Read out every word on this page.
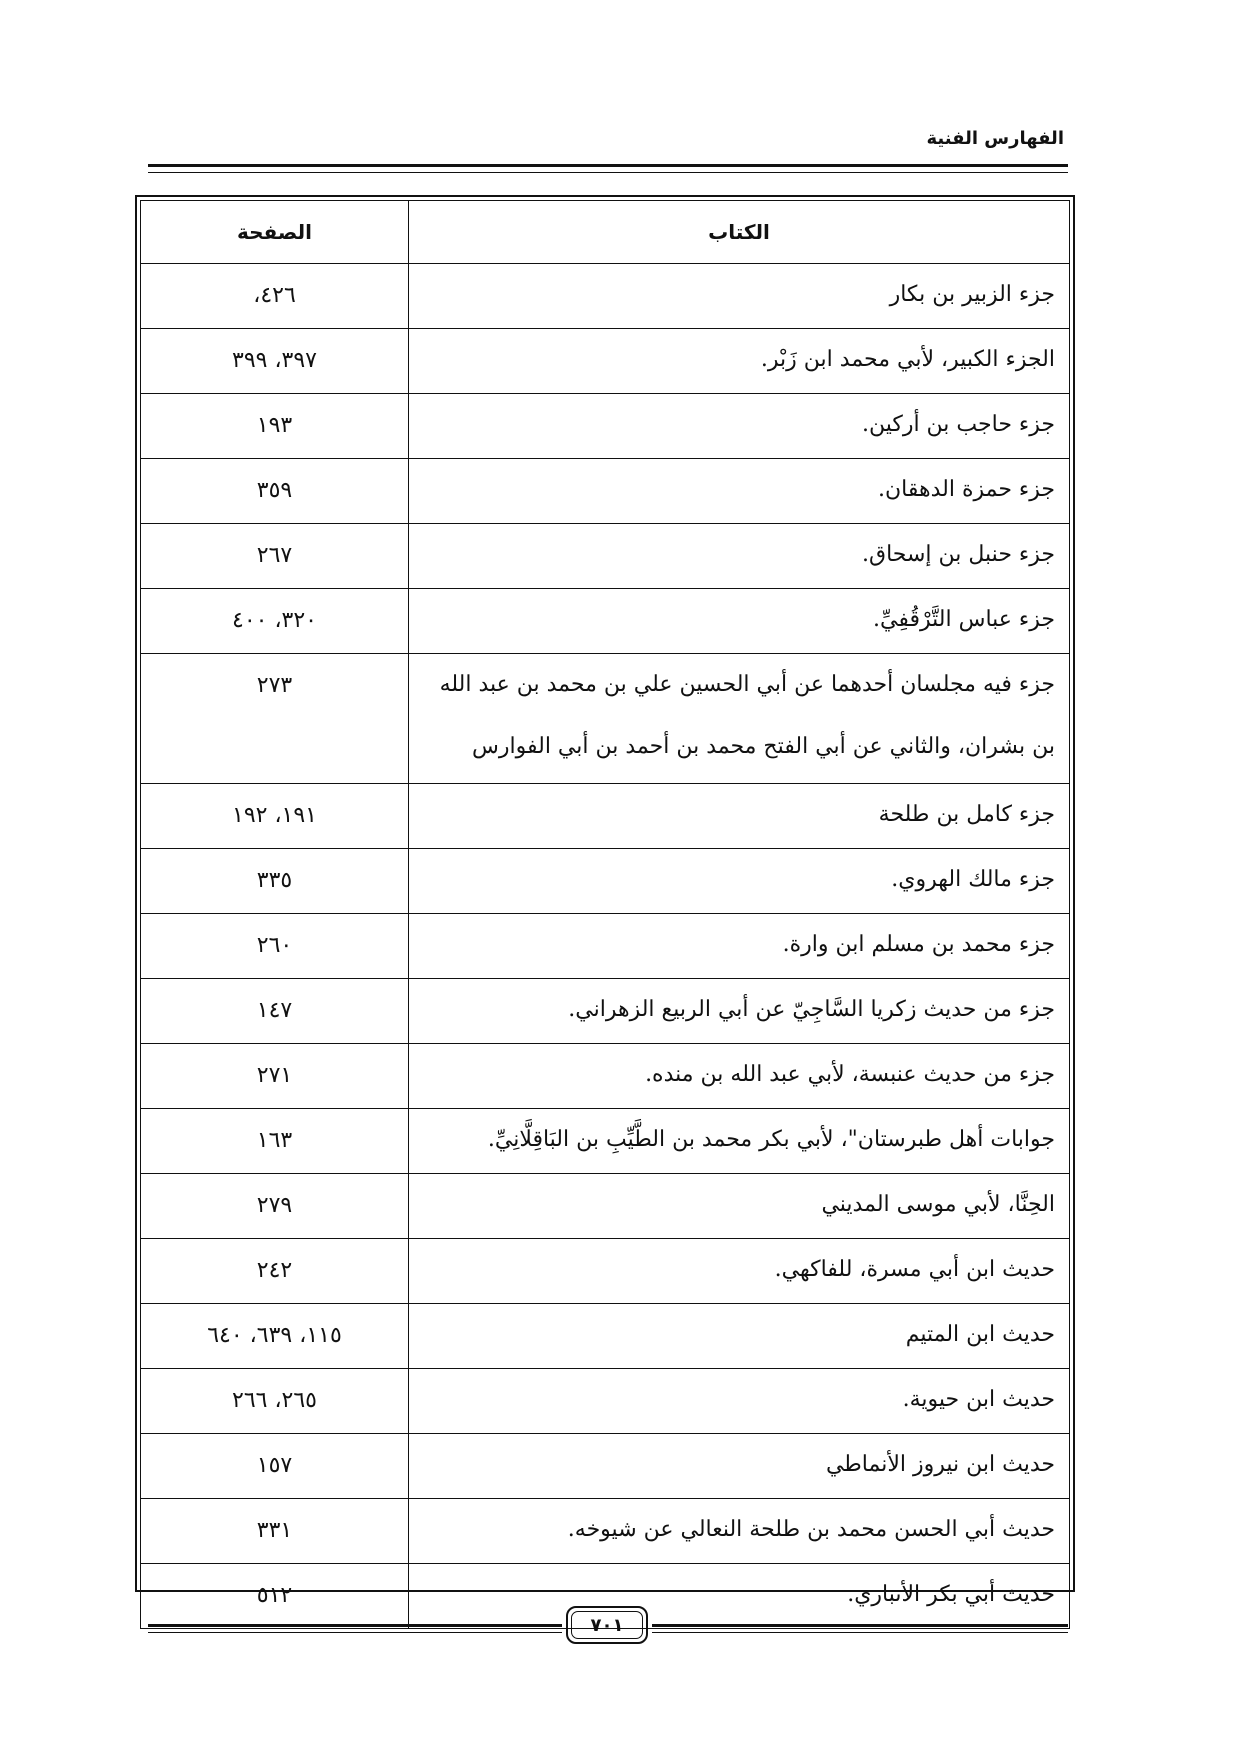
الفهارس الفنية
الكتاب	الصفحة
جزء الزبير بن بكار	٤٢٦،
الجزء الكبير، لأبي محمد ابن زَبْر.	٣٩٧، ٣٩٩
جزء حاجب بن أركين.	١٩٣
جزء حمزة الدهقان.	٣٥٩
جزء حنبل بن إسحاق.	٢٦٧
جزء عباس التَّرْقُفِيِّ.	٣٢٠، ٤٠٠
جزء فيه مجلسان أحدهما عن أبي الحسين علي بن محمد بن عبد الله بن بشران، والثاني عن أبي الفتح محمد بن أحمد بن أبي الفوارس	٢٧٣
جزء كامل بن طلحة	١٩١، ١٩٢
جزء مالك الهروي.	٣٣٥
جزء محمد بن مسلم ابن وارة.	٢٦٠
جزء من حديث زكريا السَّاجِيّ عن أبي الربيع الزهراني.	١٤٧
جزء من حديث عنبسة، لأبي عبد الله بن منده.	٢٧١
جوابات أهل طبرستان"، لأبي بكر محمد بن الطَّيِّبِ بن البَاقِلَّانِيِّ.	١٦٣
الحِنَّا، لأبي موسى المديني	٢٧٩
حديث ابن أبي مسرة، للفاكهي.	٢٤٢
حديث ابن المتيم	١١٥، ٦٣٩، ٦٤٠
حديث ابن حيوية.	٢٦٥، ٢٦٦
حديث ابن نيروز الأنماطي	١٥٧
حديث أبي الحسن محمد بن طلحة النعالي عن شيوخه.	٣٣١
حديث أبي بكر الأنباري.	٥١٢
٧٠١
